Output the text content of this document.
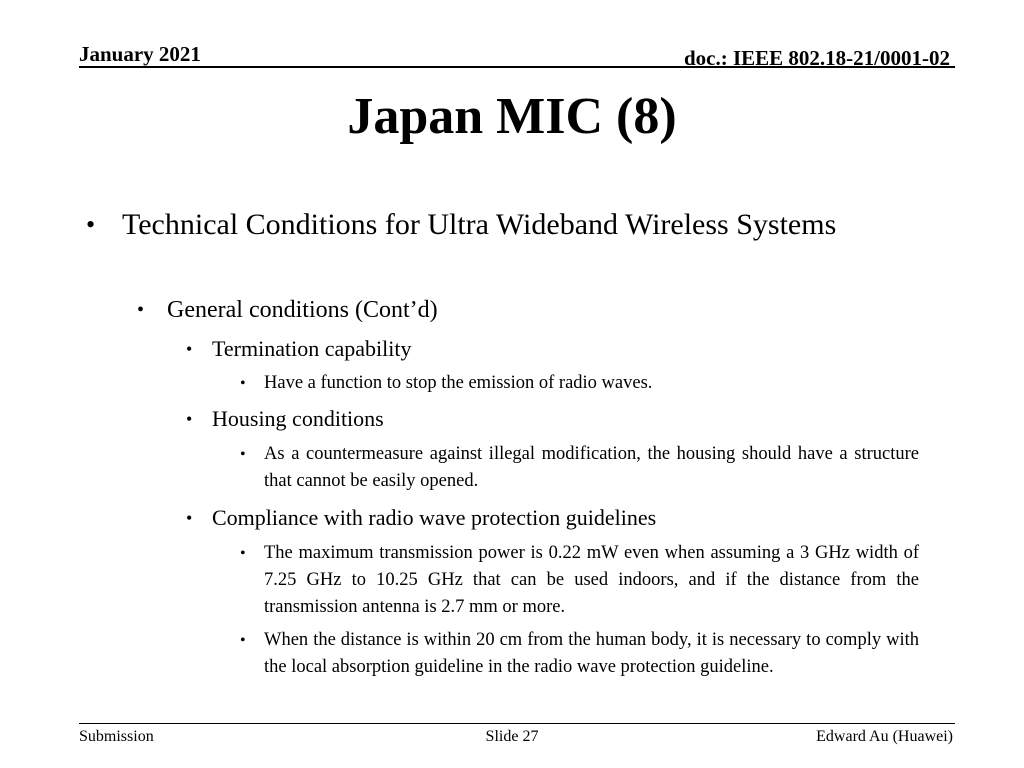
January 2021	doc.: IEEE 802.18-21/0001-02
Japan MIC (8)
• Technical Conditions for Ultra Wideband Wireless Systems
• General conditions (Cont’d)
• Termination capability
• Have a function to stop the emission of radio waves.
• Housing conditions
• As a countermeasure against illegal modification, the housing should have a structure that cannot be easily opened.
• Compliance with radio wave protection guidelines
• The maximum transmission power is 0.22 mW even when assuming a 3 GHz width of 7.25 GHz to 10.25 GHz that can be used indoors, and if the distance from the transmission antenna is 2.7 mm or more.
• When the distance is within 20 cm from the human body, it is necessary to comply with the local absorption guideline in the radio wave protection guideline.
Submission	Slide 27	Edward Au (Huawei)
